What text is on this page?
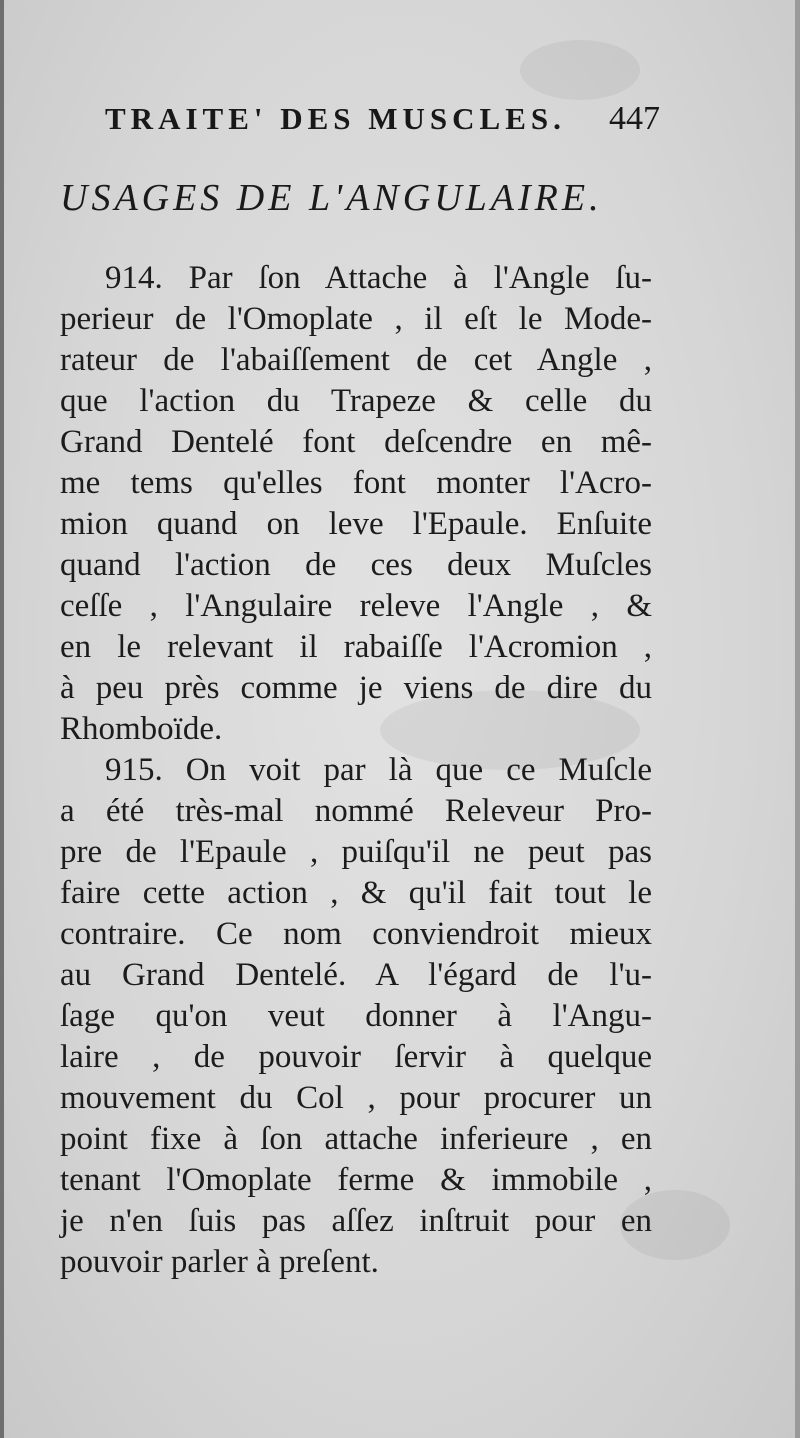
TRAITE' DES MUSCLES. 447
USAGES DE L'ANGULAIRE.
914. Par ſon Attache à l'Angle ſu-
perieur de l'Omoplate , il eſt le Mode-
rateur de l'abaiſſement de cet Angle ,
que l'action du Trapeze & celle du
Grand Dentelé font deſcendre en mê-
me tems qu'elles font monter l'Acro-
mion quand on leve l'Epaule. Enſuite
quand l'action de ces deux Muſcles
ceſſe , l'Angulaire releve l'Angle , &
en le relevant il rabaiſſe l'Acromion ,
à peu près comme je viens de dire du
Rhomboïde.
915. On voit par là que ce Muſcle
a été très-mal nommé Releveur Pro-
pre de l'Epaule , puiſqu'il ne peut pas
faire cette action , & qu'il fait tout le
contraire. Ce nom conviendroit mieux
au Grand Dentelé. A l'égard de l'u-
ſage qu'on veut donner à l'Angu-
laire , de pouvoir ſervir à quelque
mouvement du Col , pour procurer un
point fixe à ſon attache inferieure , en
tenant l'Omoplate ferme & immobile ,
je n'en ſuis pas aſſez inſtruit pour en
pouvoir parler à preſent.
